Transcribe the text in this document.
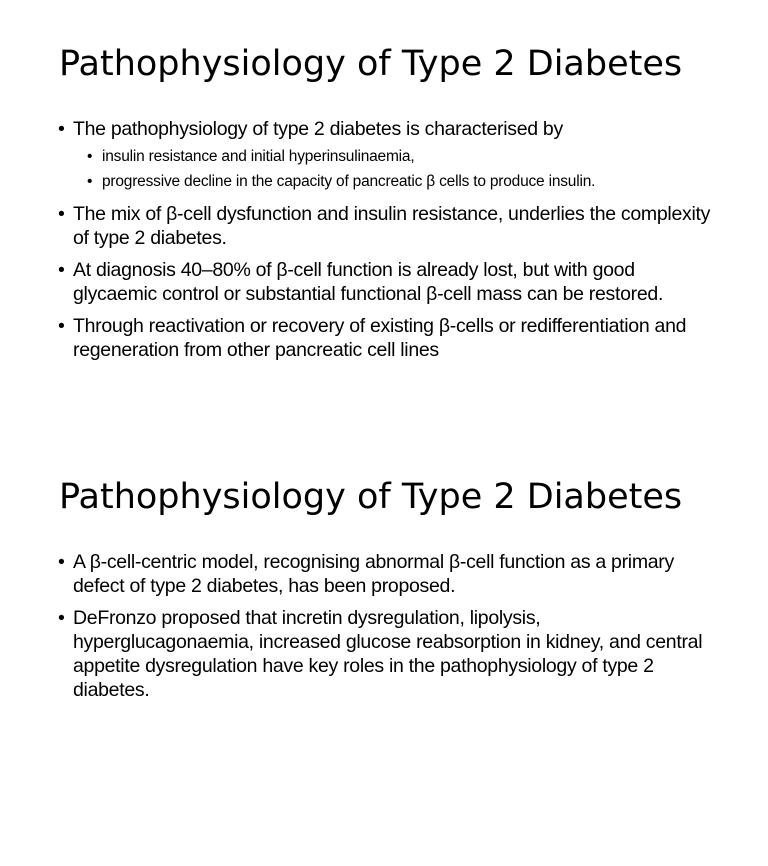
Pathophysiology of Type 2 Diabetes
• The pathophysiology of type 2 diabetes is characterised by
• insulin resistance and initial hyperinsulinaemia,
• progressive decline in the capacity of pancreatic β cells to produce insulin.
• The mix of β-cell dysfunction and insulin resistance, underlies the complexity of type 2 diabetes.
• At diagnosis 40–80% of β-cell function is already lost, but with good glycaemic control or substantial functional β-cell mass can be restored.
• Through reactivation or recovery of existing β-cells or redifferentiation and regeneration from other pancreatic cell lines
Pathophysiology of Type 2 Diabetes
• A β-cell-centric model, recognising abnormal β-cell function as a primary defect of type 2 diabetes, has been proposed.
• DeFronzo proposed that incretin dysregulation, lipolysis, hyperglucagonaemia, increased glucose reabsorption in kidney, and central appetite dysregulation have key roles in the pathophysiology of type 2 diabetes.
